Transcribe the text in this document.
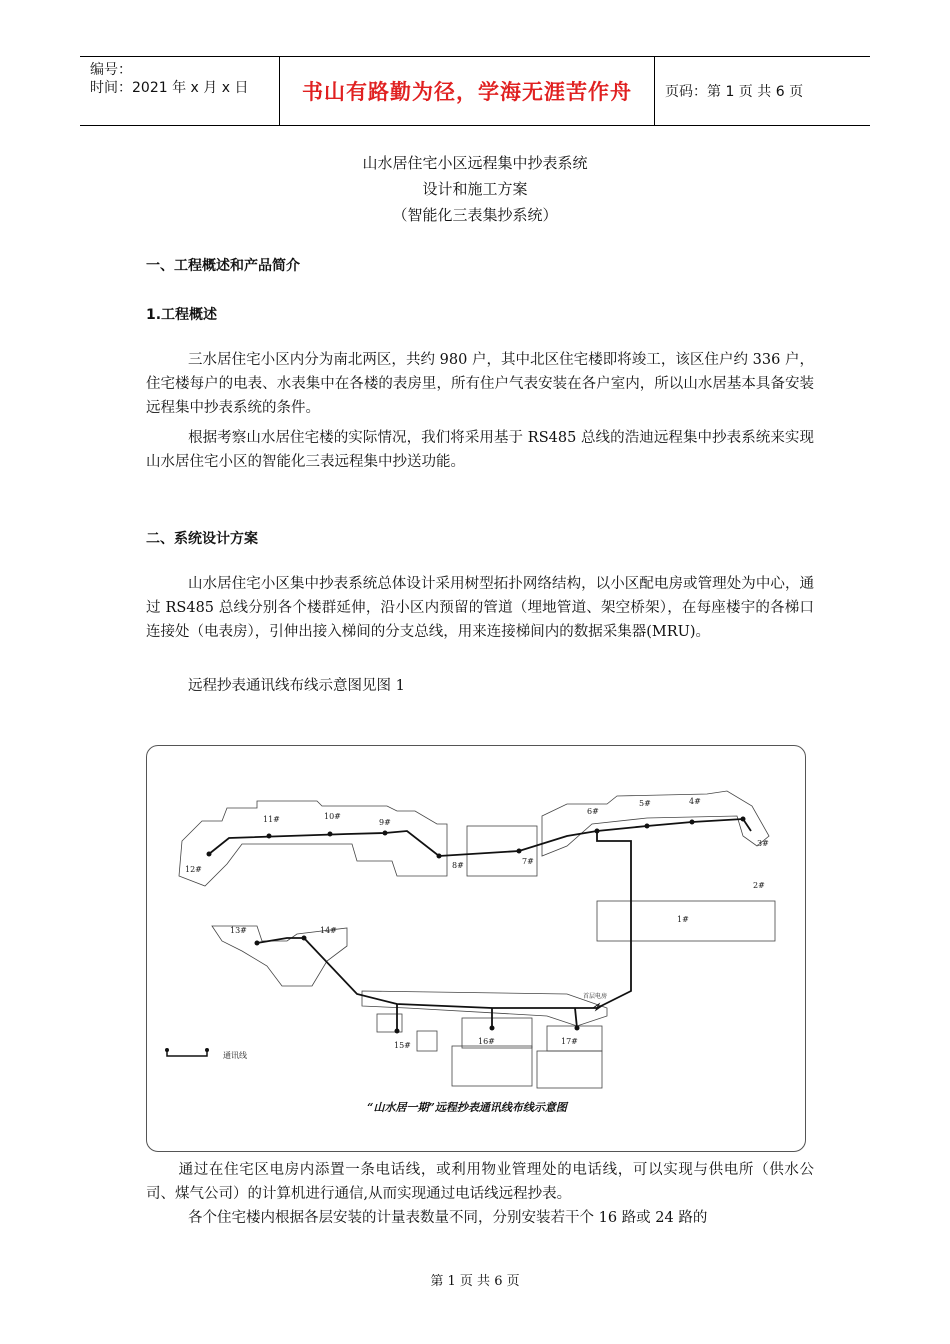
编号：
时间：2021 年 x 月 x 日	书山有路勤为径，学海无涯苦作舟	页码：第 1 页 共 6 页
山水居住宅小区远程集中抄表系统
设计和施工方案
（智能化三表集抄系统）
一、工程概述和产品简介
1.工程概述
三水居住宅小区内分为南北两区，共约 980 户，其中北区住宅楼即将竣工，该区住户约 336 户，住宅楼每户的电表、水表集中在各楼的表房里，所有住户气表安装在各户室内，所以山水居基本具备安装远程集中抄表系统的条件。
根据考察山水居住宅楼的实际情况，我们将采用基于 RS485 总线的浩迪远程集中抄表系统来实现山水居住宅小区的智能化三表远程集中抄送功能。
二、系统设计方案
山水居住宅小区集中抄表系统总体设计采用树型拓扑网络结构，以小区配电房或管理处为中心，通过 RS485 总线分别各个楼群延伸，沿小区内预留的管道（埋地管道、架空桥架），在每座楼宇的各梯口连接处（电表房），引伸出接入梯间的分支总线，用来连接梯间内的数据采集器(MRU)。
远程抄表通讯线布线示意图见图 1
1#
2#
3#
4#
5#
6#
7#
8#
9#
10#
11#
12#
13#	14#
15#	16#	17#
首层电房
通讯线
“山水居一期”远程抄表通讯线布线示意图
通过在住宅区电房内添置一条电话线，或利用物业管理处的电话线，可以实现与供电所（供水公司、煤气公司）的计算机进行通信,从而实现通过电话线远程抄表。
各个住宅楼内根据各层安装的计量表数量不同，分别安装若干个 16 路或 24 路的
第 1 页 共 6 页
